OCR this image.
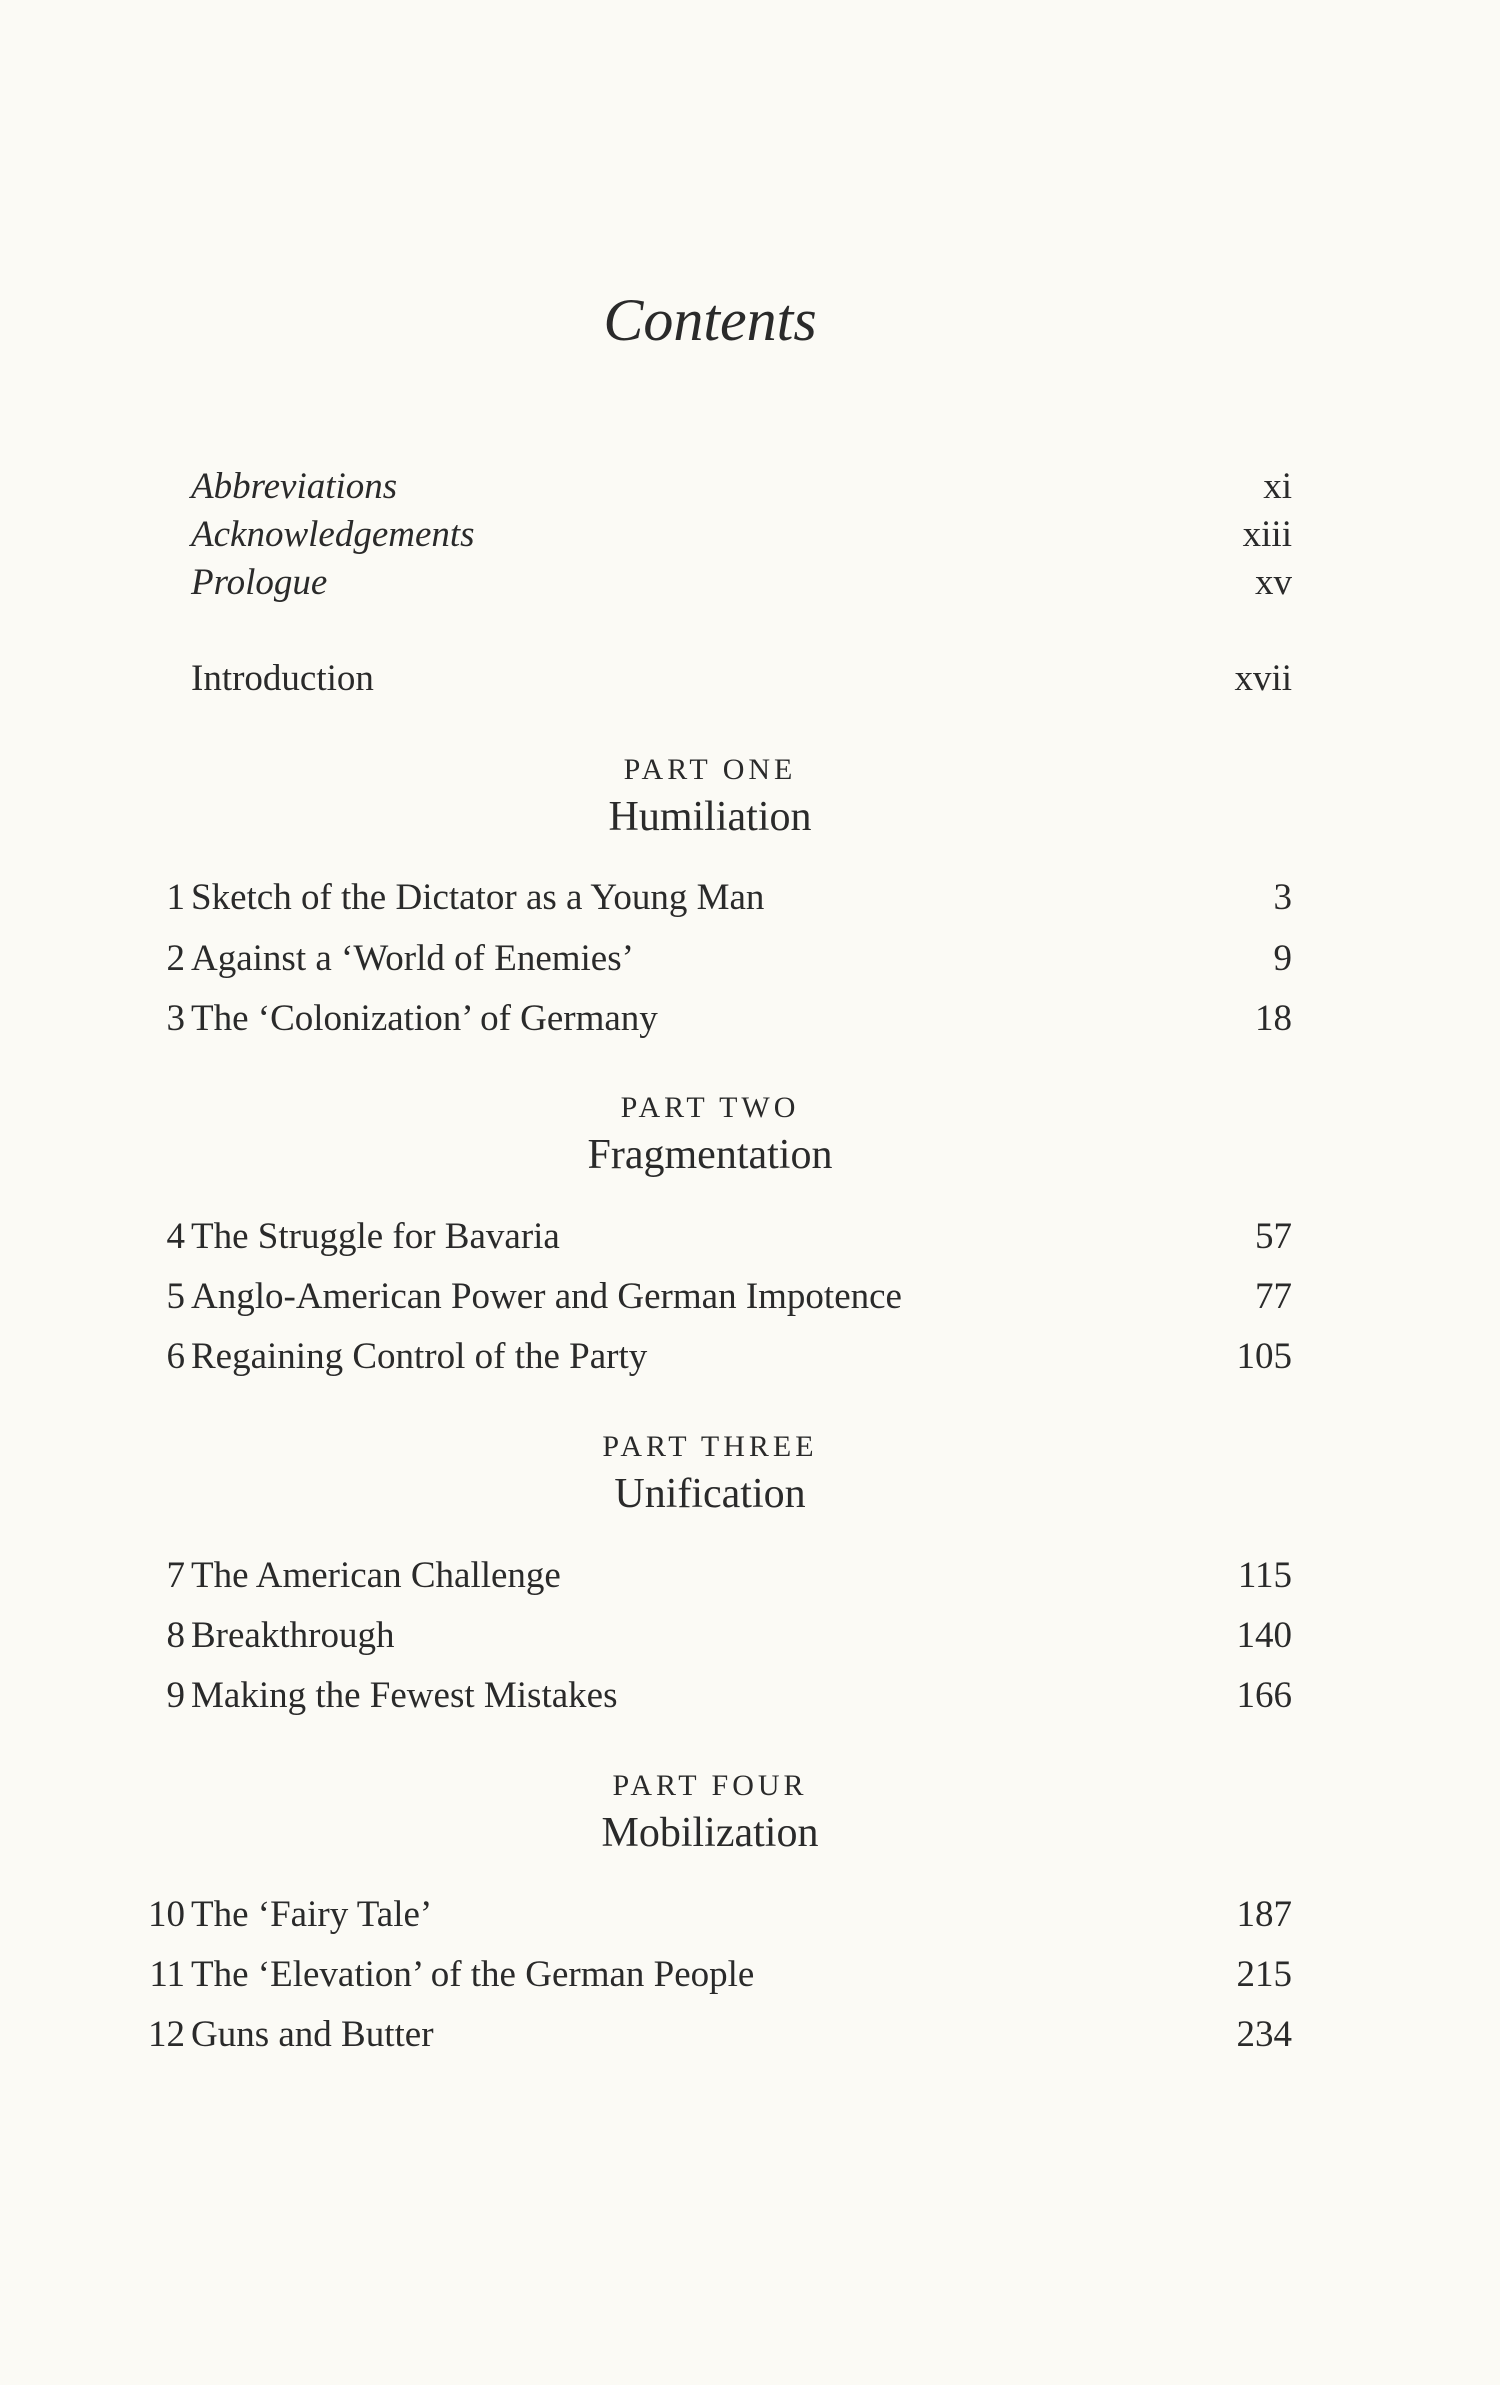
Contents
Abbreviations	xi
Acknowledgements	xiii
Prologue	xv
Introduction	xvii
PART ONE
Humiliation
1 Sketch of the Dictator as a Young Man	3
2 Against a ‘World of Enemies’	9
3 The ‘Colonization’ of Germany	18
PART TWO
Fragmentation
4 The Struggle for Bavaria	57
5 Anglo-American Power and German Impotence	77
6 Regaining Control of the Party	105
PART THREE
Unification
7 The American Challenge	115
8 Breakthrough	140
9 Making the Fewest Mistakes	166
PART FOUR
Mobilization
10 The ‘Fairy Tale’	187
11 The ‘Elevation’ of the German People	215
12 Guns and Butter	234
